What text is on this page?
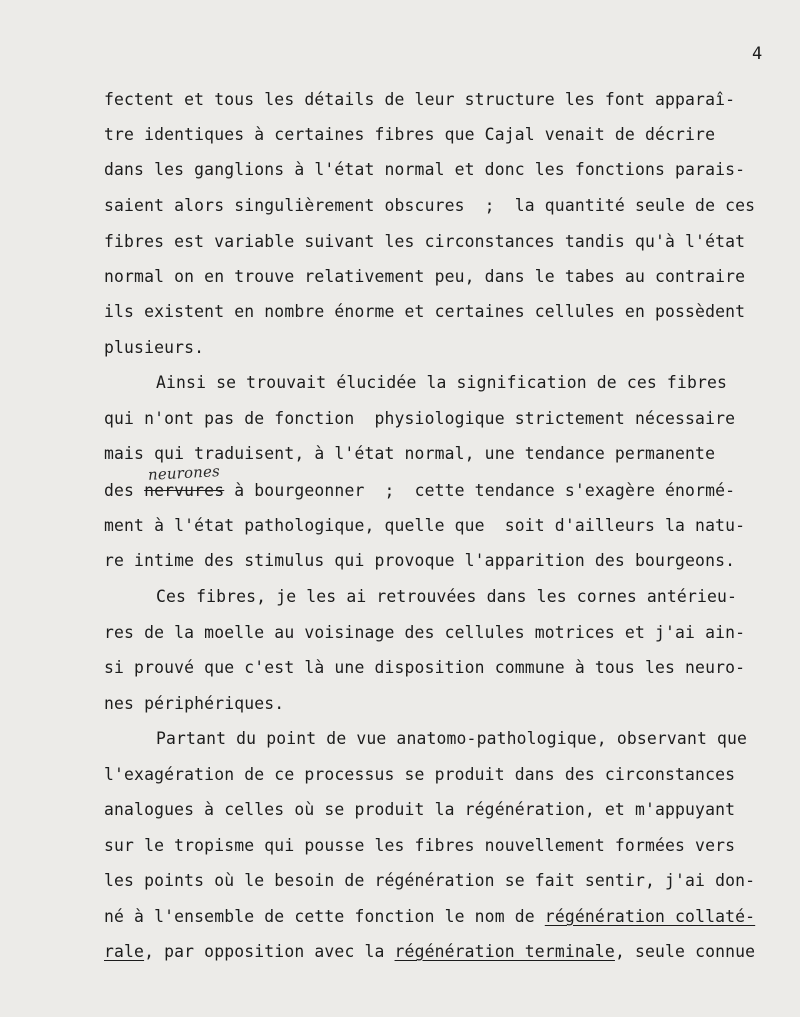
4
fectent et tous les détails de leur structure les font apparaî-
tre identiques à certaines fibres que Cajal venait de décrire
dans les ganglions à l'état normal et donc les fonctions parais-
saient alors singulièrement obscures  ;  la quantité seule de ces
fibres est variable suivant les circonstances tandis qu'à l'état
normal on en trouve relativement peu, dans le tabes au contraire
ils existent en nombre énorme et certaines cellules en possèdent
plusieurs.
Ainsi se trouvait élucidée la signification de ces fibres
qui n'ont pas de fonction  physiologique strictement nécessaire
mais qui traduisent, à l'état normal, une tendance permanente
neurones
des nervures à bourgeonner  ;  cette tendance s'exagère énormé-
ment à l'état pathologique, quelle que  soit d'ailleurs la natu-
re intime des stimulus qui provoque l'apparition des bourgeons.
Ces fibres, je les ai retrouvées dans les cornes antérieu-
res de la moelle au voisinage des cellules motrices et j'ai ain-
si prouvé que c'est là une disposition commune à tous les neuro-
nes périphériques.
Partant du point de vue anatomo-pathologique, observant que
l'exagération de ce processus se produit dans des circonstances
analogues à celles où se produit la régénération, et m'appuyant
sur le tropisme qui pousse les fibres nouvellement formées vers
les points où le besoin de régénération se fait sentir, j'ai don-
né à l'ensemble de cette fonction le nom de régénération collaté-
rale, par opposition avec la régénération terminale, seule connue
